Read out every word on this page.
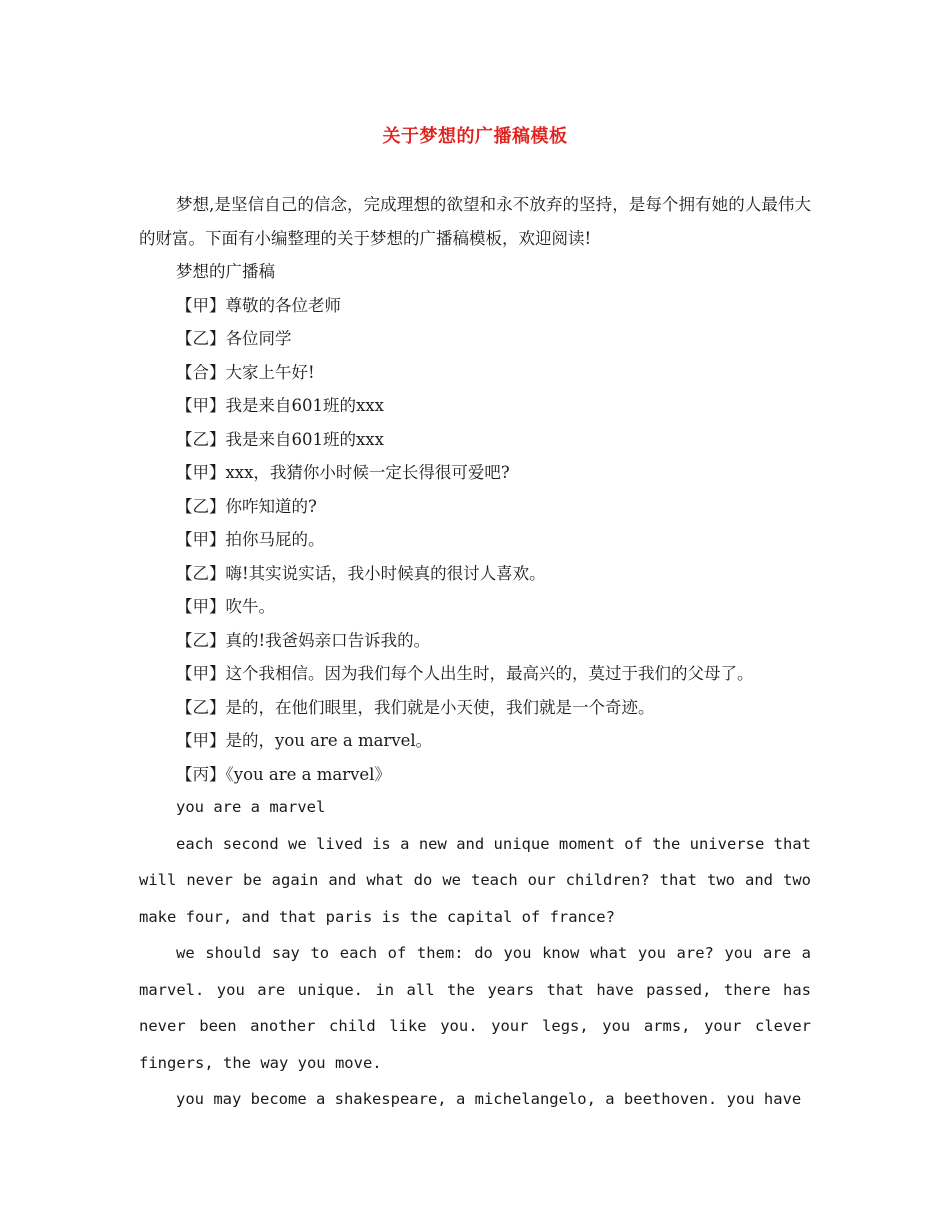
关于梦想的广播稿模板

梦想,是坚信自己的信念，完成理想的欲望和永不放弃的坚持，是每个拥有她的人最伟大的财富。下面有小编整理的关于梦想的广播稿模板，欢迎阅读!

梦想的广播稿

【甲】尊敬的各位老师

【乙】各位同学

【合】大家上午好!

【甲】我是来自601班的xxx

【乙】我是来自601班的xxx

【甲】xxx，我猜你小时候一定长得很可爱吧?

【乙】你咋知道的?

【甲】拍你马屁的。

【乙】嗨!其实说实话，我小时候真的很讨人喜欢。

【甲】吹牛。

【乙】真的!我爸妈亲口告诉我的。

【甲】这个我相信。因为我们每个人出生时，最高兴的，莫过于我们的父母了。

【乙】是的，在他们眼里，我们就是小天使，我们就是一个奇迹。

【甲】是的，you are a marvel。

【丙】《you are a marvel》

you are a marvel

each second we lived is a new and unique moment of the universe that will never be again and what do we teach our children? that two and two make four, and that paris is the capital of france?

we should say to each of them: do you know what you are? you are a marvel. you are unique. in all the years that have passed, there has never been another child like you. your legs, you arms, your clever fingers, the way you move.

you may become a shakespeare, a michelangelo, a beethoven. you have
